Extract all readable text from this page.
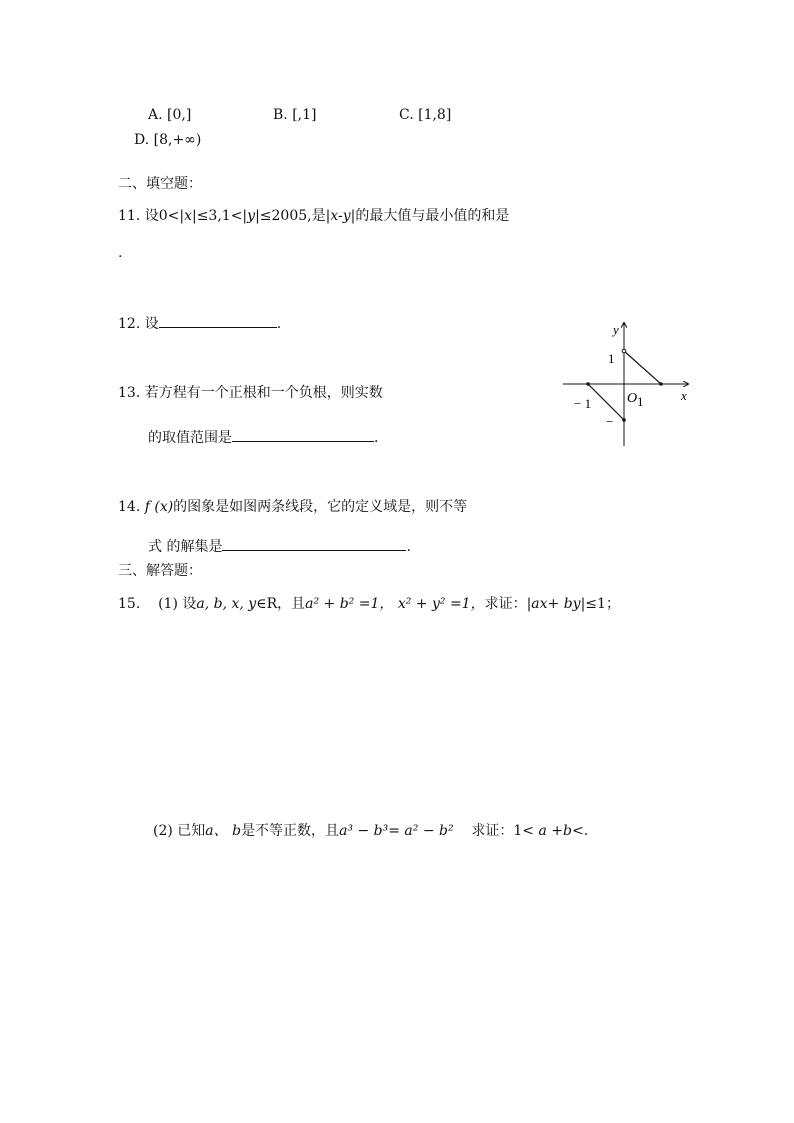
A. [0,]	B. [,1]	C. [1,8]
D. [8,+∞)
二、填空题：
11. 设0<|x|≤3,1<|y|≤2005,是|x-y|的最大值与最小值的和是
.
12. 设	.
13. 若方程有一个正根和一个负根，则实数
的取值范围是	.
y
x
1
O 1
− 1
−
14. f (x)的图象是如图两条线段，它的定义域是，则不等
式 的解集是	.
三、解答题：
15. (1) 设a, b, x, y∈R，且a² + b² =1， x² + y² =1，求证：|ax+ by|≤1；
(2) 已知a、 b是不等正数，且a³ − b³= a² − b² 求证：1< a +b<.
